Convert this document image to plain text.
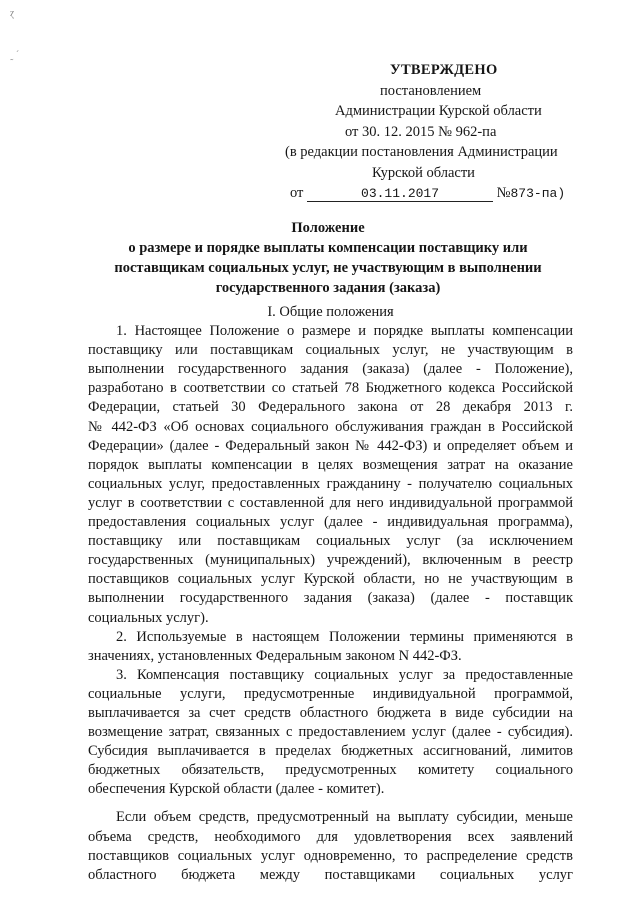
ɀ
˷ ˊ
УТВЕРЖДЕНО
постановлением
Администрации Курской области
от 30. 12. 2015 № 962-па
(в редакции постановления Администрации
Курской области
от	03.11.2017	№873-па)
Положение
о размере и порядке выплаты компенсации поставщику или
поставщикам социальных услуг, не участвующим в выполнении
государственного задания (заказа)
I. Общие положения
1. Настоящее Положение о размере и порядке выплаты компенсации
поставщику или поставщикам социальных услуг, не участвующим в
выполнении государственного задания (заказа) (далее - Положение),
разработано в соответствии со статьей 78 Бюджетного кодекса Российской
Федерации, статьей 30 Федерального закона от 28 декабря 2013 г.
№ 442-ФЗ «Об основах социального обслуживания граждан в Российской
Федерации» (далее - Федеральный закон № 442-ФЗ) и определяет объем и
порядок выплаты компенсации в целях возмещения затрат на оказание
социальных услуг, предоставленных гражданину - получателю социальных
услуг в соответствии с составленной для него индивидуальной программой
предоставления социальных услуг (далее - индивидуальная программа),
поставщику или поставщикам социальных услуг (за исключением
государственных (муниципальных) учреждений), включенным в реестр
поставщиков социальных услуг Курской области, но не участвующим в
выполнении государственного задания (заказа) (далее - поставщик
социальных услуг).
2. Используемые в настоящем Положении термины применяются в
значениях, установленных Федеральным законом N 442-ФЗ.
3. Компенсация поставщику социальных услуг за предоставленные
социальные услуги, предусмотренные индивидуальной программой,
выплачивается за счет средств областного бюджета в виде субсидии на
возмещение затрат, связанных с предоставлением услуг (далее - субсидия).
Субсидия выплачивается в пределах бюджетных ассигнований, лимитов
бюджетных обязательств, предусмотренных комитету социального
обеспечения Курской области (далее - комитет).
Если объем средств, предусмотренный на выплату субсидии, меньше
объема средств, необходимого для удовлетворения всех заявлений
поставщиков социальных услуг одновременно, то распределение средств
областного бюджета между поставщиками социальных услуг
